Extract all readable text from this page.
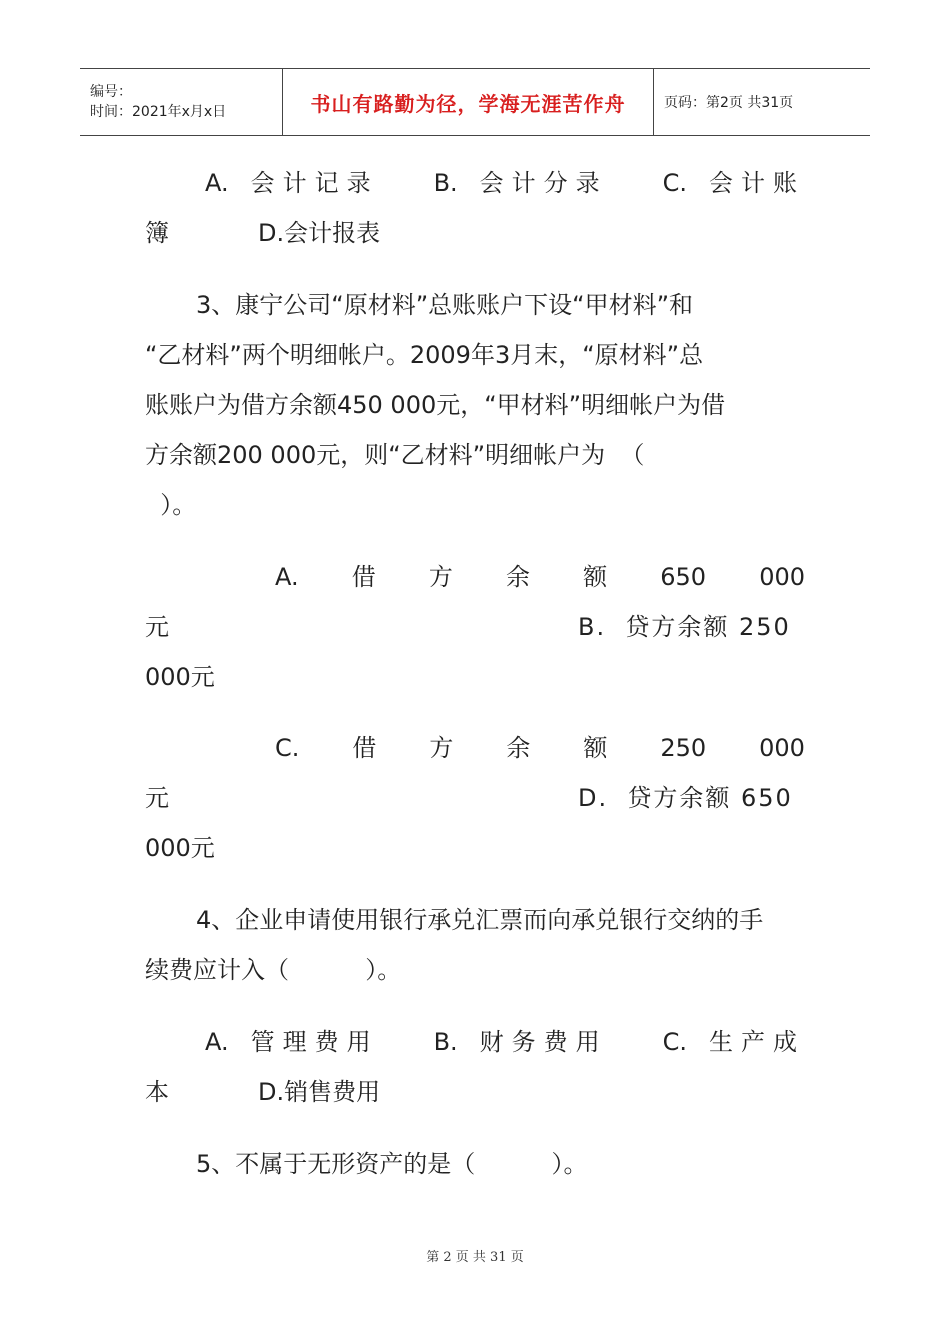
编号：
时间：2021年x月x日	书山有路勤为径，学海无涯苦作舟	页码：第2页 共31页
A. 会计记录 B. 会计分录 C. 会计账
簿	D.会计报表
3、康宁公司“原材料”总账账户下设“甲材料”和
“乙材料”两个明细帐户。2009年3月末，“原材料”总
账账户为借方余额450 000元，“甲材料”明细帐户为借
方余额200 000元，则“乙材料”明细帐户为  （
）。
A. 借 方 余 额 650 000
元	B.  贷方余额 250
000元
C. 借 方 余 额 250 000
元	D.  贷方余额 650
000元
4、企业申请使用银行承兑汇票而向承兑银行交纳的手
续费应计入（          ）。
A. 管理费用 B. 财务费用 C. 生产成
本	D.销售费用
5、不属于无形资产的是（          ）。
第 2 页 共 31 页
